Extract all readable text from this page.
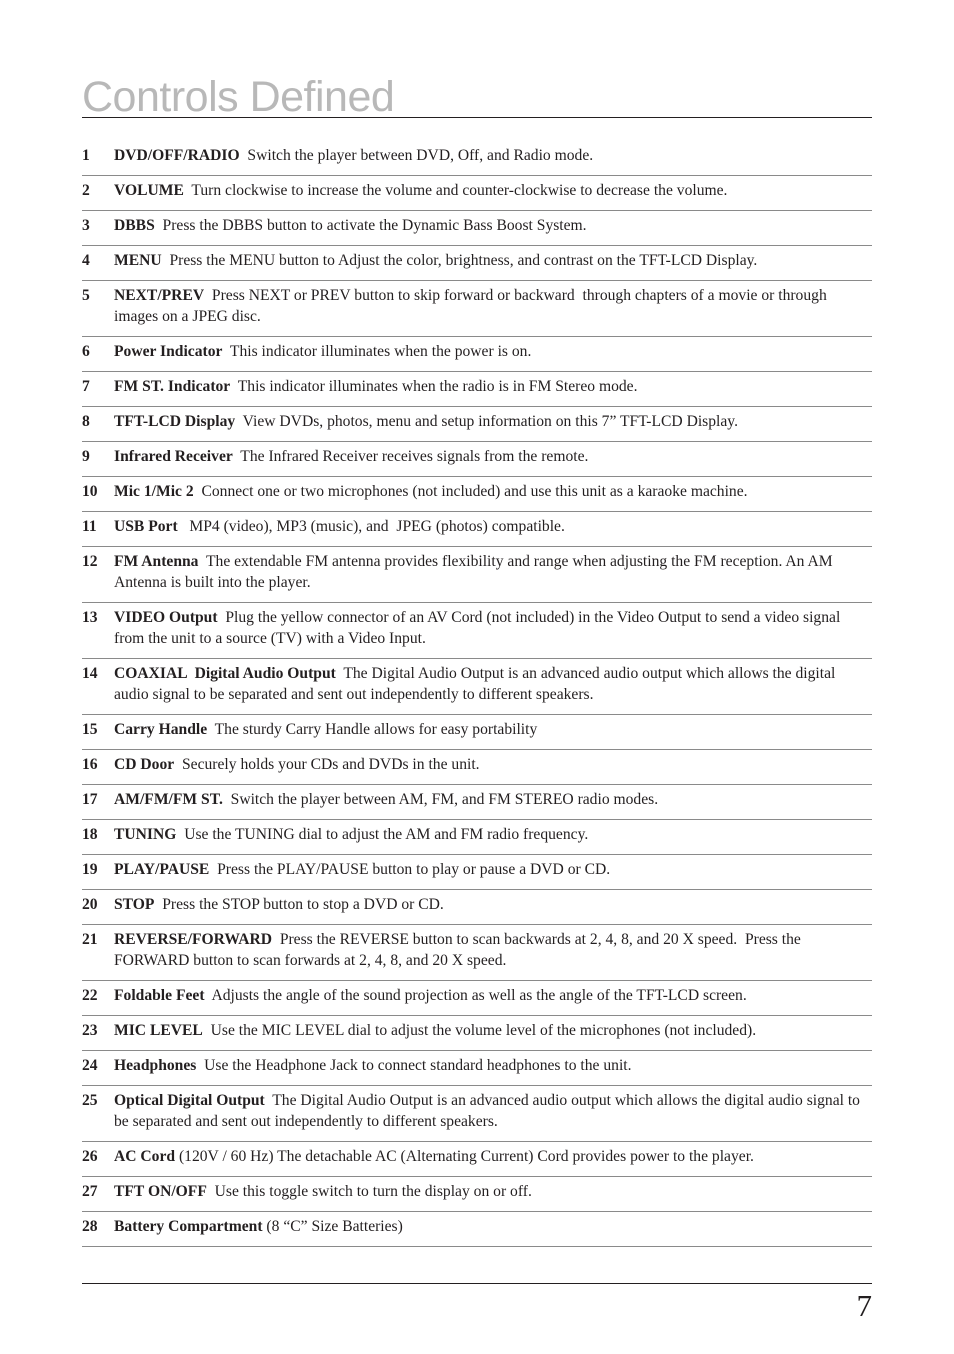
Controls Defined
1	DVD/OFF/RADIO  Switch the player between DVD, Off, and Radio mode.
2	VOLUME  Turn clockwise to increase the volume and counter-clockwise to decrease the volume.
3	DBBS  Press the DBBS button to activate the Dynamic Bass Boost System.
4	MENU  Press the MENU button to Adjust the color, brightness, and contrast on the TFT-LCD Display.
5	NEXT/PREV  Press NEXT or PREV button to skip forward or backward  through chapters of a movie or through images on a JPEG disc.
6	Power Indicator  This indicator illuminates when the power is on.
7	FM ST. Indicator  This indicator illuminates when the radio is in FM Stereo mode.
8	TFT-LCD Display  View DVDs, photos, menu and setup information on this 7” TFT-LCD Display.
9	Infrared Receiver  The Infrared Receiver receives signals from the remote.
10	Mic 1/Mic 2  Connect one or two microphones (not included) and use this unit as a karaoke machine.
11	USB Port   MP4 (video), MP3 (music), and  JPEG (photos) compatible.
12	FM Antenna  The extendable FM antenna provides flexibility and range when adjusting the FM reception. An AM Antenna is built into the player.
13	VIDEO Output  Plug the yellow connector of an AV Cord (not included) in the Video Output to send a video signal from the unit to a source (TV) with a Video Input.
14	COAXIAL  Digital Audio Output  The Digital Audio Output is an advanced audio output which allows the digital audio signal to be separated and sent out independently to different speakers.
15	Carry Handle  The sturdy Carry Handle allows for easy portability
16	CD Door  Securely holds your CDs and DVDs in the unit.
17	AM/FM/FM ST.  Switch the player between AM, FM, and FM STEREO radio modes.
18	TUNING  Use the TUNING dial to adjust the AM and FM radio frequency.
19	PLAY/PAUSE  Press the PLAY/PAUSE button to play or pause a DVD or CD.
20	STOP  Press the STOP button to stop a DVD or CD.
21	REVERSE/FORWARD  Press the REVERSE button to scan backwards at 2, 4, 8, and 20 X speed.  Press the FORWARD button to scan forwards at 2, 4, 8, and 20 X speed.
22	Foldable Feet  Adjusts the angle of the sound projection as well as the angle of the TFT-LCD screen.
23	MIC LEVEL  Use the MIC LEVEL dial to adjust the volume level of the microphones (not included).
24	Headphones  Use the Headphone Jack to connect standard headphones to the unit.
25	Optical Digital Output  The Digital Audio Output is an advanced audio output which allows the digital audio signal to be separated and sent out independently to different speakers.
26	AC Cord (120V / 60 Hz) The detachable AC (Alternating Current) Cord provides power to the player.
27	TFT ON/OFF  Use this toggle switch to turn the display on or off.
28	Battery Compartment (8 “C” Size Batteries)
7
